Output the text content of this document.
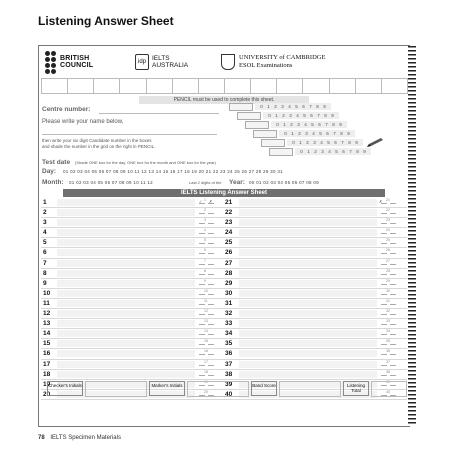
Listening Answer Sheet
BRITISH
COUNCIL	idp IELTS
AUSTRALIA
UNIVERSITY of CAMBRIDGE
ESOL Examinations
PENCIL must be used to complete this sheet.
Centre number:
Please write your name below,
then write your six digit Candidate number in the boxes
and shade the number in the grid on the right in PENCIL.
Test date (Shade ONE box for the day, ONE box for the month and ONE box for the year)
Day: 01 02 03 04 05 06 07 08 09 10 11 12 13 14 15 16 17 18 19 20 21 22 23 24 25 26 27 28 29 30 31
Month: 01 02 03 04 05 06 07 08 09 10 11 12	Last 2 digits of the Year: 00 01 02 03 04 05 06 07 08 09
IELTS Listening Answer Sheet
✓ ✗	✗
1	1	21	21
2	2	22	22
3	3	23	23
4	4	24	24
5	5	25	25
6	6	26	26
7	7	27	27
8	8	28	28
9	9	29	29
10	10	30	30
11	11	31	31
12	12	32	32
13	13	33	33
14	14	34	34
15	15	35	35
16	16	36	36
17	17	37	37
18	18	38	38
19	19	39	39
20	20	40	40
Checker's Initials	Marker's Initials	Band Score	Listening Total
0 1 2 3 4 5 6 7 8 9
0 1 2 3 4 5 6 7 8 9
0 1 2 3 4 5 6 7 8 9
0 1 2 3 4 5 6 7 8 9
0 1 2 3 4 5 6 7 8 9
0 1 2 3 4 5 6 7 8 9
78 IELTS Specimen Materials
